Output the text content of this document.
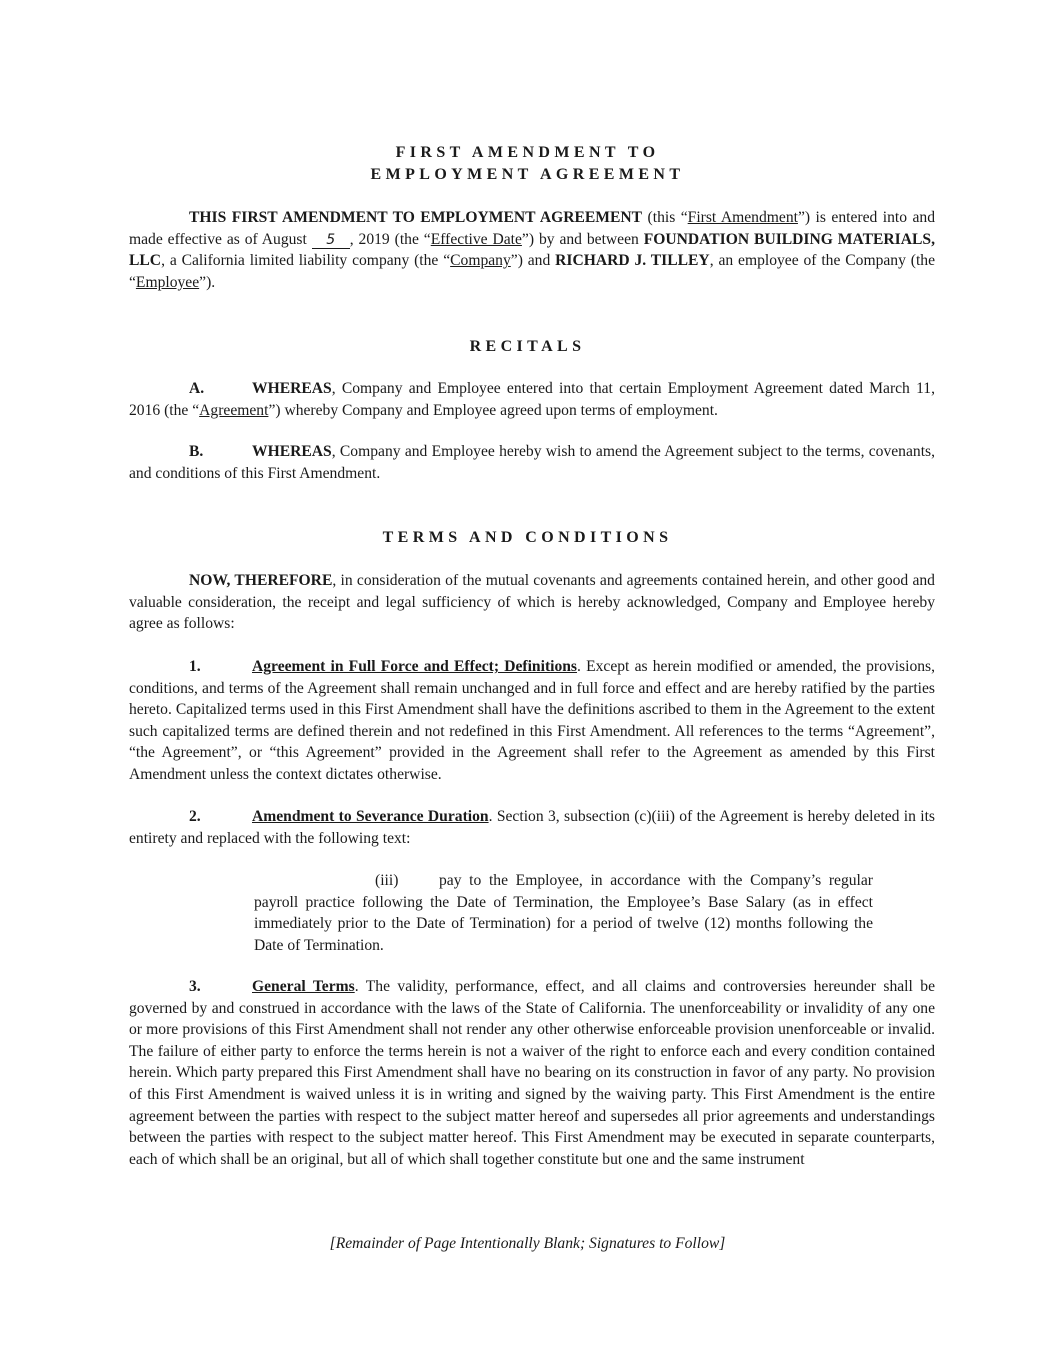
FIRST AMENDMENT TO
EMPLOYMENT AGREEMENT

THIS FIRST AMENDMENT TO EMPLOYMENT AGREEMENT (this “First Amendment”) is entered into and made effective as of August 5 , 2019 (the “Effective Date”) by and between FOUNDATION BUILDING MATERIALS, LLC, a California limited liability company (the “Company”) and RICHARD J. TILLEY, an employee of the Company (the “Employee”).

RECITALS

A.	WHEREAS, Company and Employee entered into that certain Employment Agreement dated March 11, 2016 (the “Agreement”) whereby Company and Employee agreed upon terms of employment.

B.	WHEREAS, Company and Employee hereby wish to amend the Agreement subject to the terms, covenants, and conditions of this First Amendment.

TERMS AND CONDITIONS

NOW, THEREFORE, in consideration of the mutual covenants and agreements contained herein, and other good and valuable consideration, the receipt and legal sufficiency of which is hereby acknowledged, Company and Employee hereby agree as follows:

1.	Agreement in Full Force and Effect; Definitions. Except as herein modified or amended, the provisions, conditions, and terms of the Agreement shall remain unchanged and in full force and effect and are hereby ratified by the parties hereto. Capitalized terms used in this First Amendment shall have the definitions ascribed to them in the Agreement to the extent such capitalized terms are defined therein and not redefined in this First Amendment. All references to the terms “Agreement”, “the Agreement”, or “this Agreement” provided in the Agreement shall refer to the Agreement as amended by this First Amendment unless the context dictates otherwise.

2.	Amendment to Severance Duration. Section 3, subsection (c)(iii) of the Agreement is hereby deleted in its entirety and replaced with the following text:

(iii)	pay to the Employee, in accordance with the Company’s regular payroll practice following the Date of Termination, the Employee’s Base Salary (as in effect immediately prior to the Date of Termination) for a period of twelve (12) months following the Date of Termination.

3.	General Terms. The validity, performance, effect, and all claims and controversies hereunder shall be governed by and construed in accordance with the laws of the State of California. The unenforceability or invalidity of any one or more provisions of this First Amendment shall not render any other otherwise enforceable provision unenforceable or invalid. The failure of either party to enforce the terms herein is not a waiver of the right to enforce each and every condition contained herein. Which party prepared this First Amendment shall have no bearing on its construction in favor of any party. No provision of this First Amendment is waived unless it is in writing and signed by the waiving party. This First Amendment is the entire agreement between the parties with respect to the subject matter hereof and supersedes all prior agreements and understandings between the parties with respect to the subject matter hereof. This First Amendment may be executed in separate counterparts, each of which shall be an original, but all of which shall together constitute but one and the same instrument

[Remainder of Page Intentionally Blank; Signatures to Follow]
